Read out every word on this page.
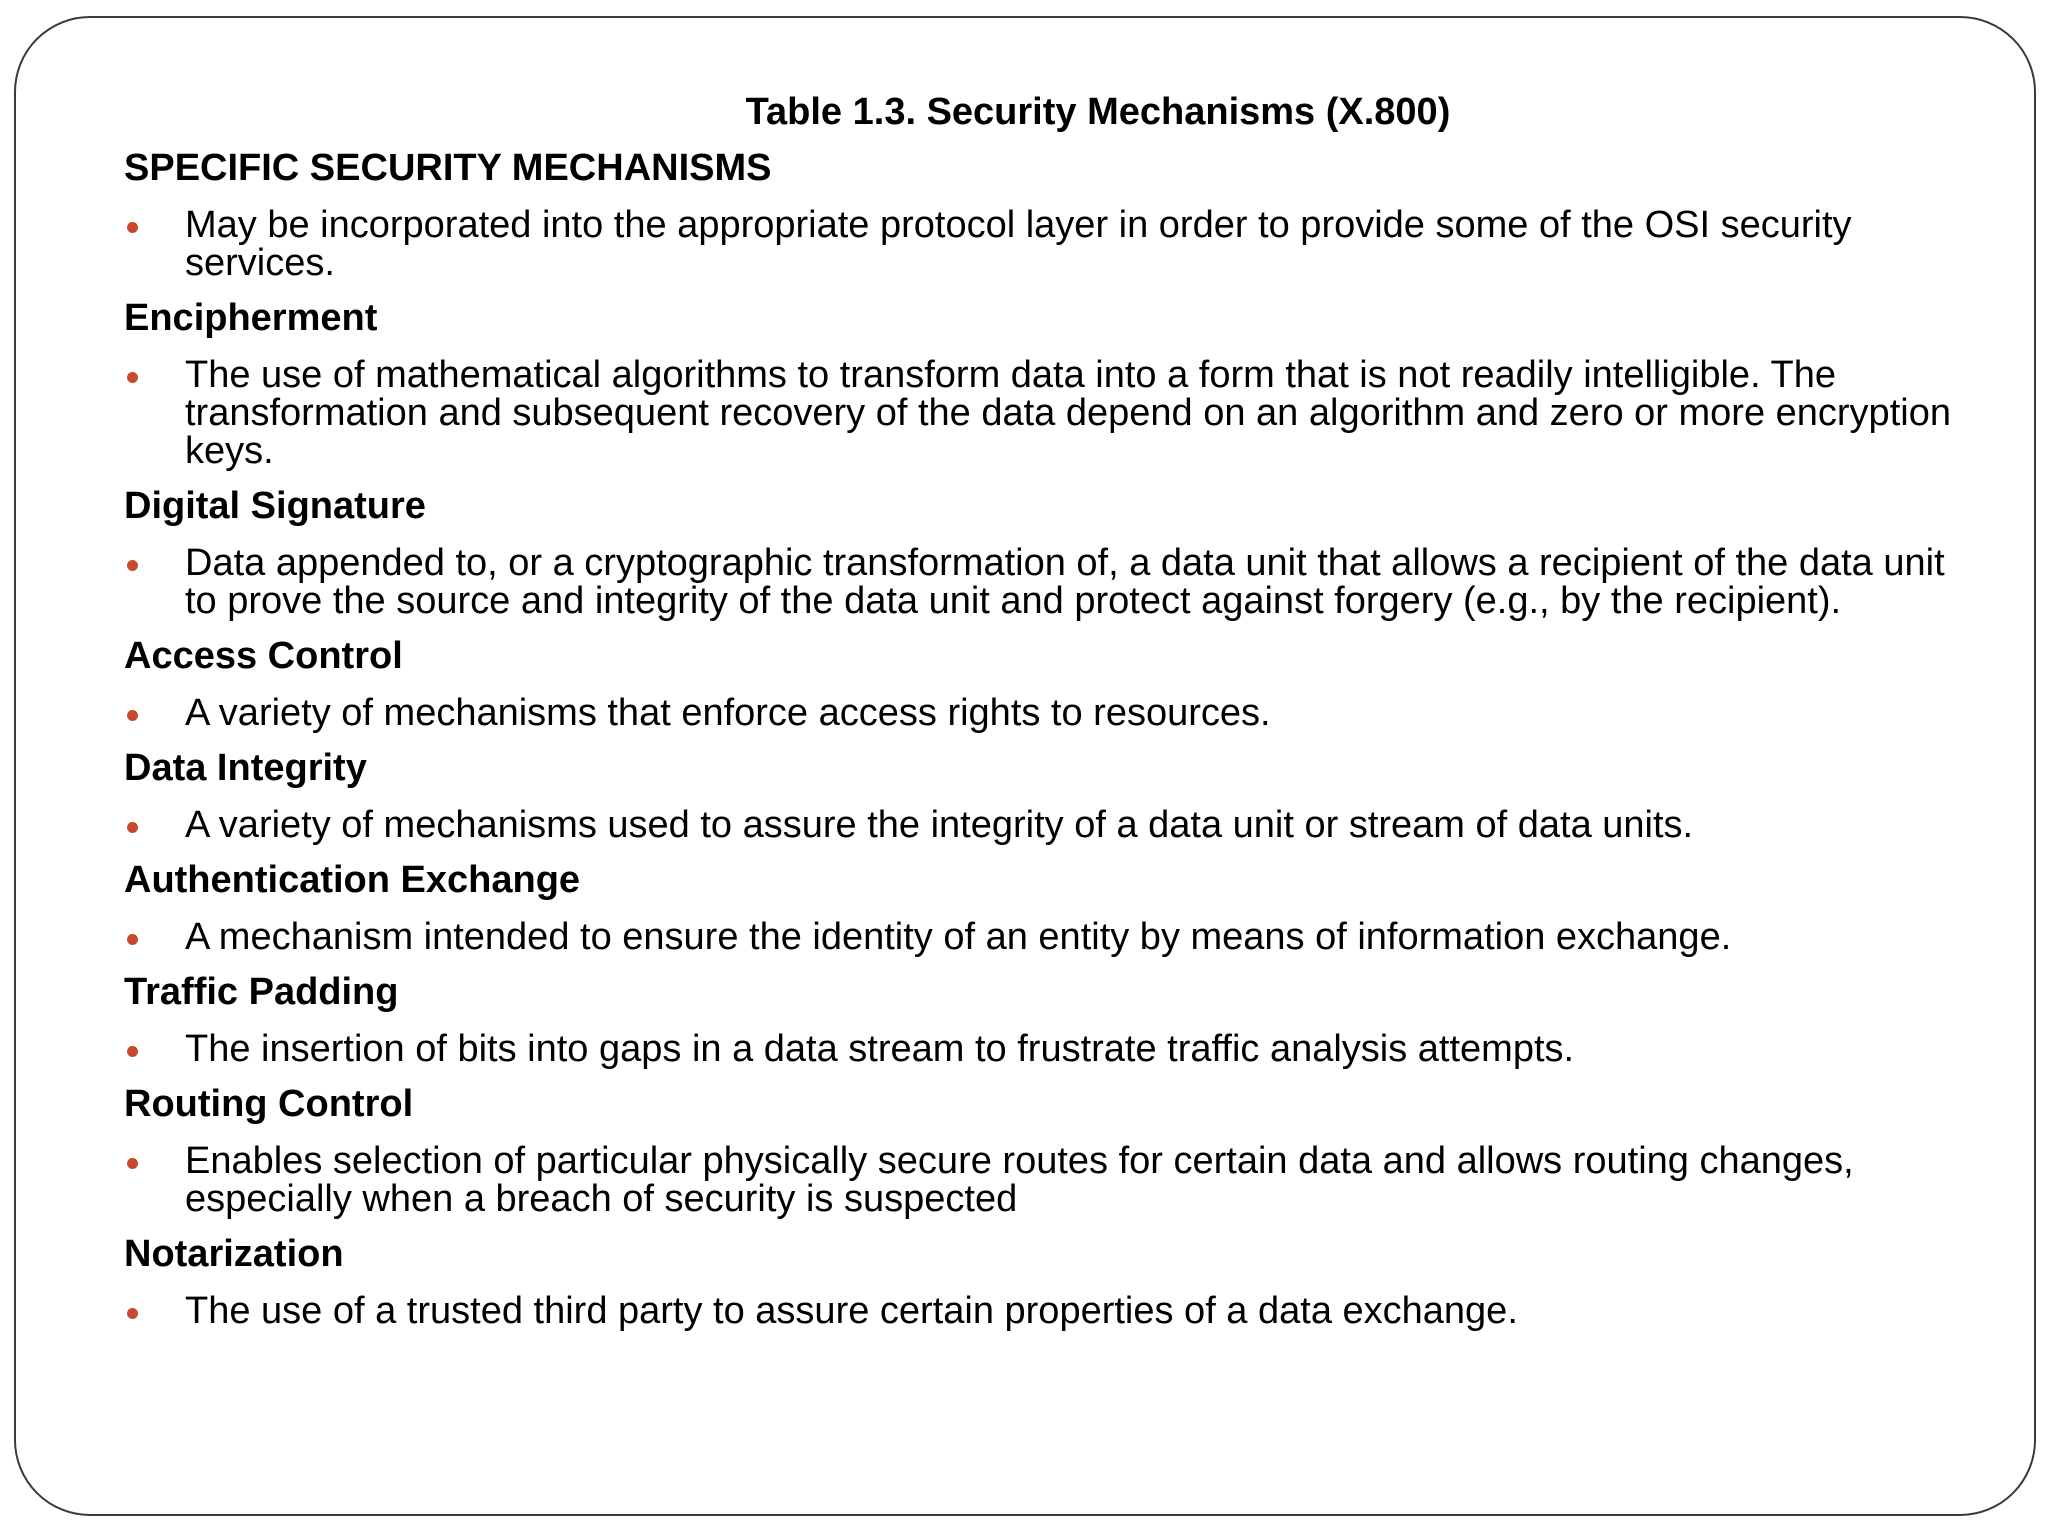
Table 1.3. Security Mechanisms (X.800)
SPECIFIC SECURITY MECHANISMS
May be incorporated into the appropriate protocol layer in order to provide some of the OSI security services.
Encipherment
The use of mathematical algorithms to transform data into a form that is not readily intelligible. The transformation and subsequent recovery of the data depend on an algorithm and zero or more encryption keys.
Digital Signature
Data appended to, or a cryptographic transformation of, a data unit that allows a recipient of the data unit to prove the source and integrity of the data unit and protect against forgery (e.g., by the recipient).
Access Control
A variety of mechanisms that enforce access rights to resources.
Data Integrity
A variety of mechanisms used to assure the integrity of a data unit or stream of data units.
Authentication Exchange
A mechanism intended to ensure the identity of an entity by means of information exchange.
Traffic Padding
The insertion of bits into gaps in a data stream to frustrate traffic analysis attempts.
Routing Control
Enables selection of particular physically secure routes for certain data and allows routing changes, especially when a breach of security is suspected
Notarization
The use of a trusted third party to assure certain properties of a data exchange.
